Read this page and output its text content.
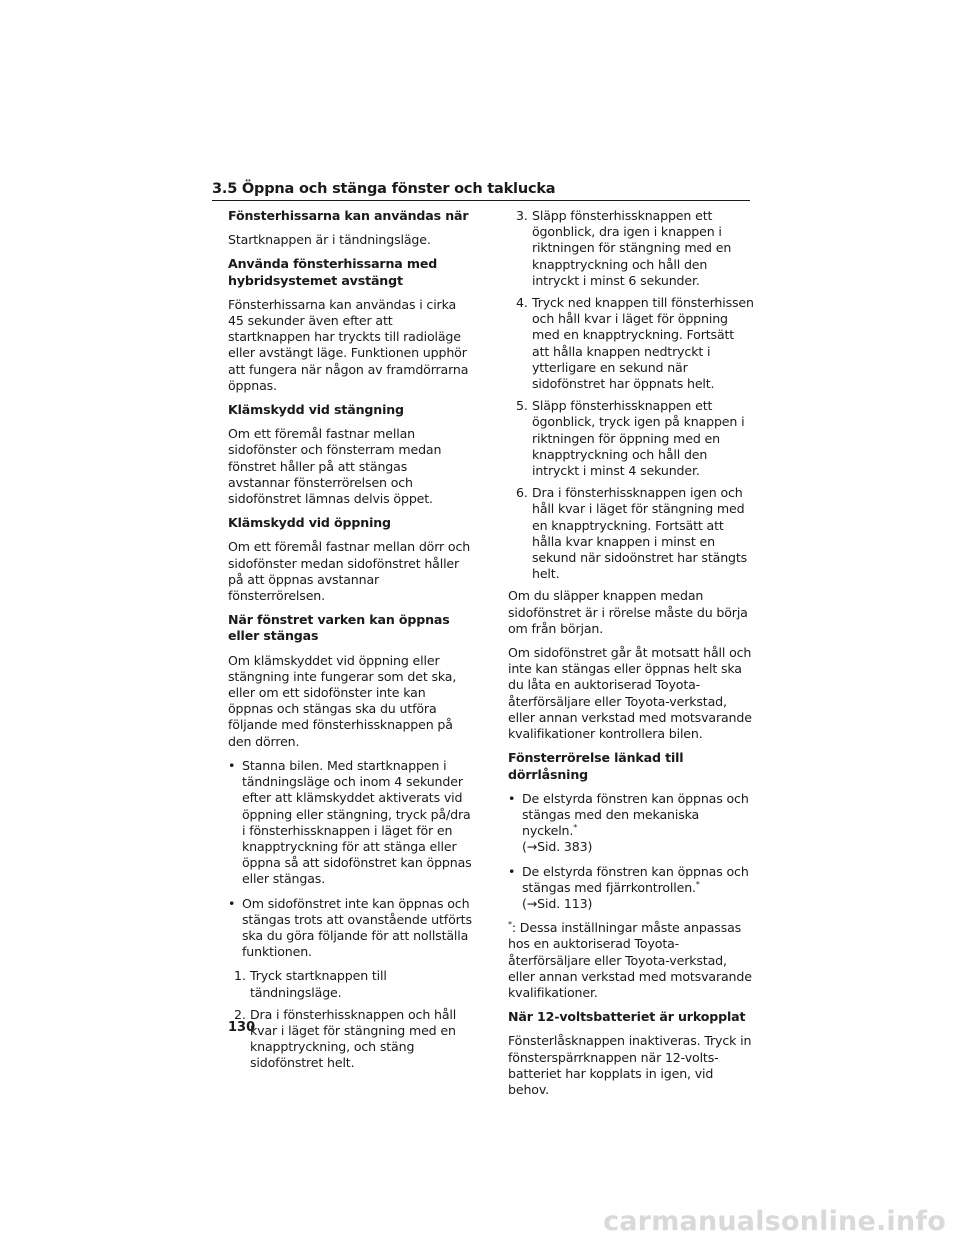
3.5 Öppna och stänga fönster och taklucka
Fönsterhissarna kan användas när

Startknappen är i tändningsläge.

Använda fönsterhissarna med hybridsystemet avstängt

Fönsterhissarna kan användas i cirka 45 sekunder även efter att startknappen har tryckts till radioläge eller avstängt läge. Funktionen upphör att fungera när någon av framdörrarna öppnas.

Klämskydd vid stängning

Om ett föremål fastnar mellan sidofönster och fönsterram medan fönstret håller på att stängas avstannar fönsterrörelsen och sidofönstret lämnas delvis öppet.

Klämskydd vid öppning

Om ett föremål fastnar mellan dörr och sidofönster medan sidofönstret håller på att öppnas avstannar fönsterrörelsen.

När fönstret varken kan öppnas eller stängas

Om klämskyddet vid öppning eller stängning inte fungerar som det ska, eller om ett sidofönster inte kan öppnas och stängas ska du utföra följande med fönsterhissknappen på den dörren.

• Stanna bilen. Med startknappen i tändningsläge och inom 4 sekunder efter att klämskyddet aktiverats vid öppning eller stängning, tryck på/dra i fönsterhissknappen i läget för en knapptryckning för att stänga eller öppna så att sidofönstret kan öppnas eller stängas.
• Om sidofönstret inte kan öppnas och stängas trots att ovanstående utförts ska du göra följande för att nollställa funktionen.
1. Tryck startknappen till tändningsläge.
2. Dra i fönsterhissknappen och håll kvar i läget för stängning med en knapptryckning, och stäng sidofönstret helt.
3. Släpp fönsterhissknappen ett ögonblick, dra igen i knappen i riktningen för stängning med en knapptryckning och håll den intryckt i minst 6 sekunder.
4. Tryck ned knappen till fönsterhissen och håll kvar i läget för öppning med en knapptryckning. Fortsätt att hålla knappen nedtryckt i ytterligare en sekund när sidofönstret har öppnats helt.
5. Släpp fönsterhissknappen ett ögonblick, tryck igen på knappen i riktningen för öppning med en knapptryckning och håll den intryckt i minst 4 sekunder.
6. Dra i fönsterhissknappen igen och håll kvar i läget för stängning med en knapptryckning. Fortsätt att hålla kvar knappen i minst en sekund när sidoönstret har stängts helt.

Om du släpper knappen medan sidofönstret är i rörelse måste du börja om från början.

Om sidofönstret går åt motsatt håll och inte kan stängas eller öppnas helt ska du låta en auktoriserad Toyota-återförsäljare eller Toyota-verkstad, eller annan verkstad med motsvarande kvalifikationer kontrollera bilen.

Fönsterrörelse länkad till dörrlåsning
• De elstyrda fönstren kan öppnas och stängas med den mekaniska nyckeln.*
(→Sid. 383)
• De elstyrda fönstren kan öppnas och stängas med fjärrkontrollen.*
(→Sid. 113)

*: Dessa inställningar måste anpassas hos en auktoriserad Toyota-återförsäljare eller Toyota-verkstad, eller annan verkstad med motsvarande kvalifikationer.

När 12-voltsbatteriet är urkopplat

Fönsterlåsknappen inaktiveras. Tryck in fönsterspärrknappen när 12-volts-batteriet har kopplats in igen, vid behov.

130
carmanualsonline.info
